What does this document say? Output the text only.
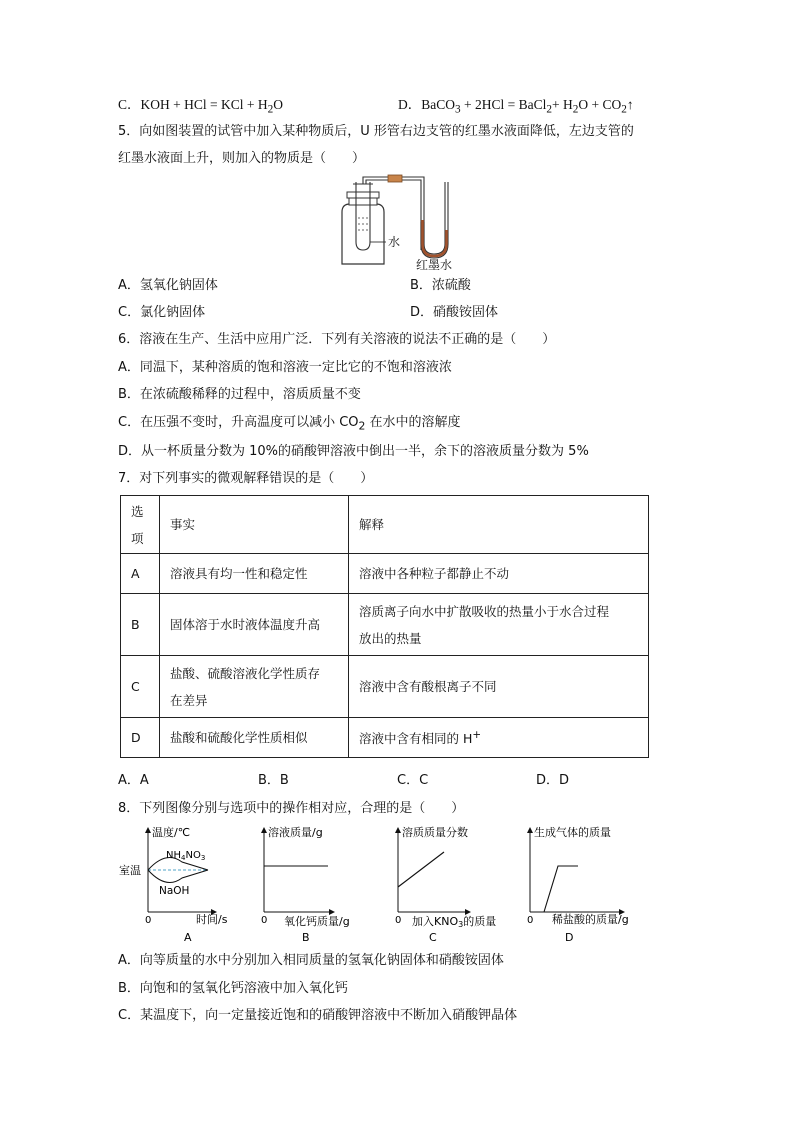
C．KOH + HCl = KCl + $H_2O$	D．BaCO$_3$ + 2HCl = BaCl$_2$+ $H_2O$ + $CO_2↑$
5．向如图装置的试管中加入某种物质后，U 形管右边支管的红墨水液面降低，左边支管的
红墨水液面上升，则加入的物质是（　　）
水
红墨水
A．氢氧化钠固体	B．浓硫酸
C．氯化钠固体	D．硝酸铵固体
6．溶液在生产、生活中应用广泛．下列有关溶液的说法不正确的是（　　）
A．同温下，某种溶质的饱和溶液一定比它的不饱和溶液浓
B．在浓硫酸稀释的过程中，溶质质量不变
C．在压强不变时，升高温度可以减小 $CO_2$ 在水中的溶解度
D．从一杯质量分数为 10%的硝酸钾溶液中倒出一半，余下的溶液质量分数为 5%
7．对下列事实的微观解释错误的是（　　）
选
项	事实	解释
A	溶液具有均一性和稳定性	溶液中各种粒子都静止不动
B	固体溶于水时液体温度升高	溶质离子向水中扩散吸收的热量小于水合过程
放出的热量
C	盐酸、硫酸溶液化学性质存
在差异	溶液中含有酸根离子不同
D	盐酸和硫酸化学性质相似	溶液中含有相同的 H+
A．A	B．B	C．C	D．D
8．下列图像分别与选项中的操作相对应，合理的是（　　）
温度/℃
室温
$NH_4NO_3$
NaOH
0	时间/s
A
溶液质量/g
0 氧化钙质量/g
B
溶质质量分数
0 加入KNO3的质量
C
生成气体的质量
0 稀盐酸的质量/g
D
A．向等质量的水中分别加入相同质量的氢氧化钠固体和硝酸铵固体
B．向饱和的氢氧化钙溶液中加入氧化钙
C．某温度下，向一定量接近饱和的硝酸钾溶液中不断加入硝酸钾晶体
